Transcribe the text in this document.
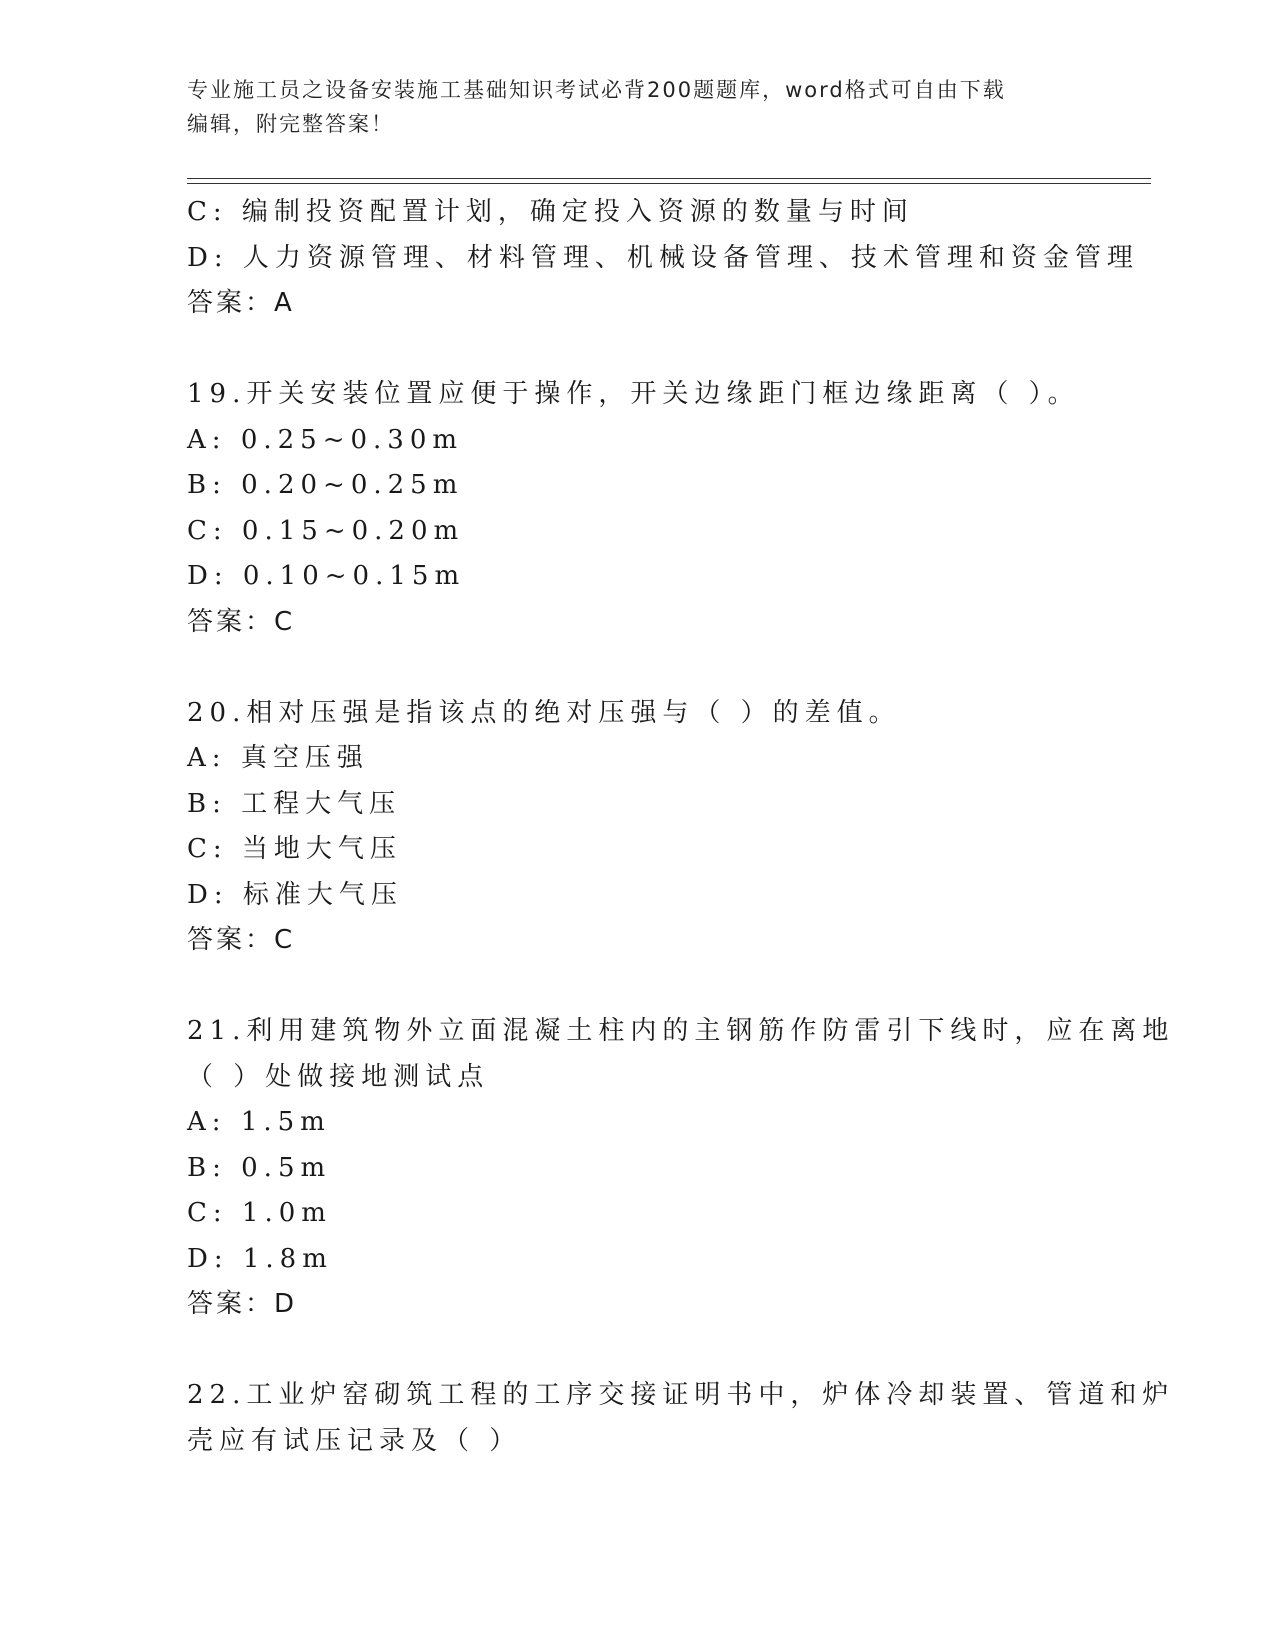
专业施工员之设备安装施工基础知识考试必背200题题库，word格式可自由下载
编辑，附完整答案！
C: 编制投资配置计划，确定投入资源的数量与时间
D: 人力资源管理、材料管理、机械设备管理、技术管理和资金管理
答案：A
19.开关安装位置应便于操作，开关边缘距门框边缘距离（ ）。
A: 0.25~0.30m
B: 0.20~0.25m
C: 0.15~0.20m
D: 0.10~0.15m
答案：C
20.相对压强是指该点的绝对压强与（ ）的差值。
A: 真空压强
B: 工程大气压
C: 当地大气压
D: 标准大气压
答案：C
21.利用建筑物外立面混凝土柱内的主钢筋作防雷引下线时，应在离地
（ ）处做接地测试点
A: 1.5m
B: 0.5m
C: 1.0m
D: 1.8m
答案：D
22.工业炉窑砌筑工程的工序交接证明书中，炉体冷却装置、管道和炉
壳应有试压记录及（ ）
